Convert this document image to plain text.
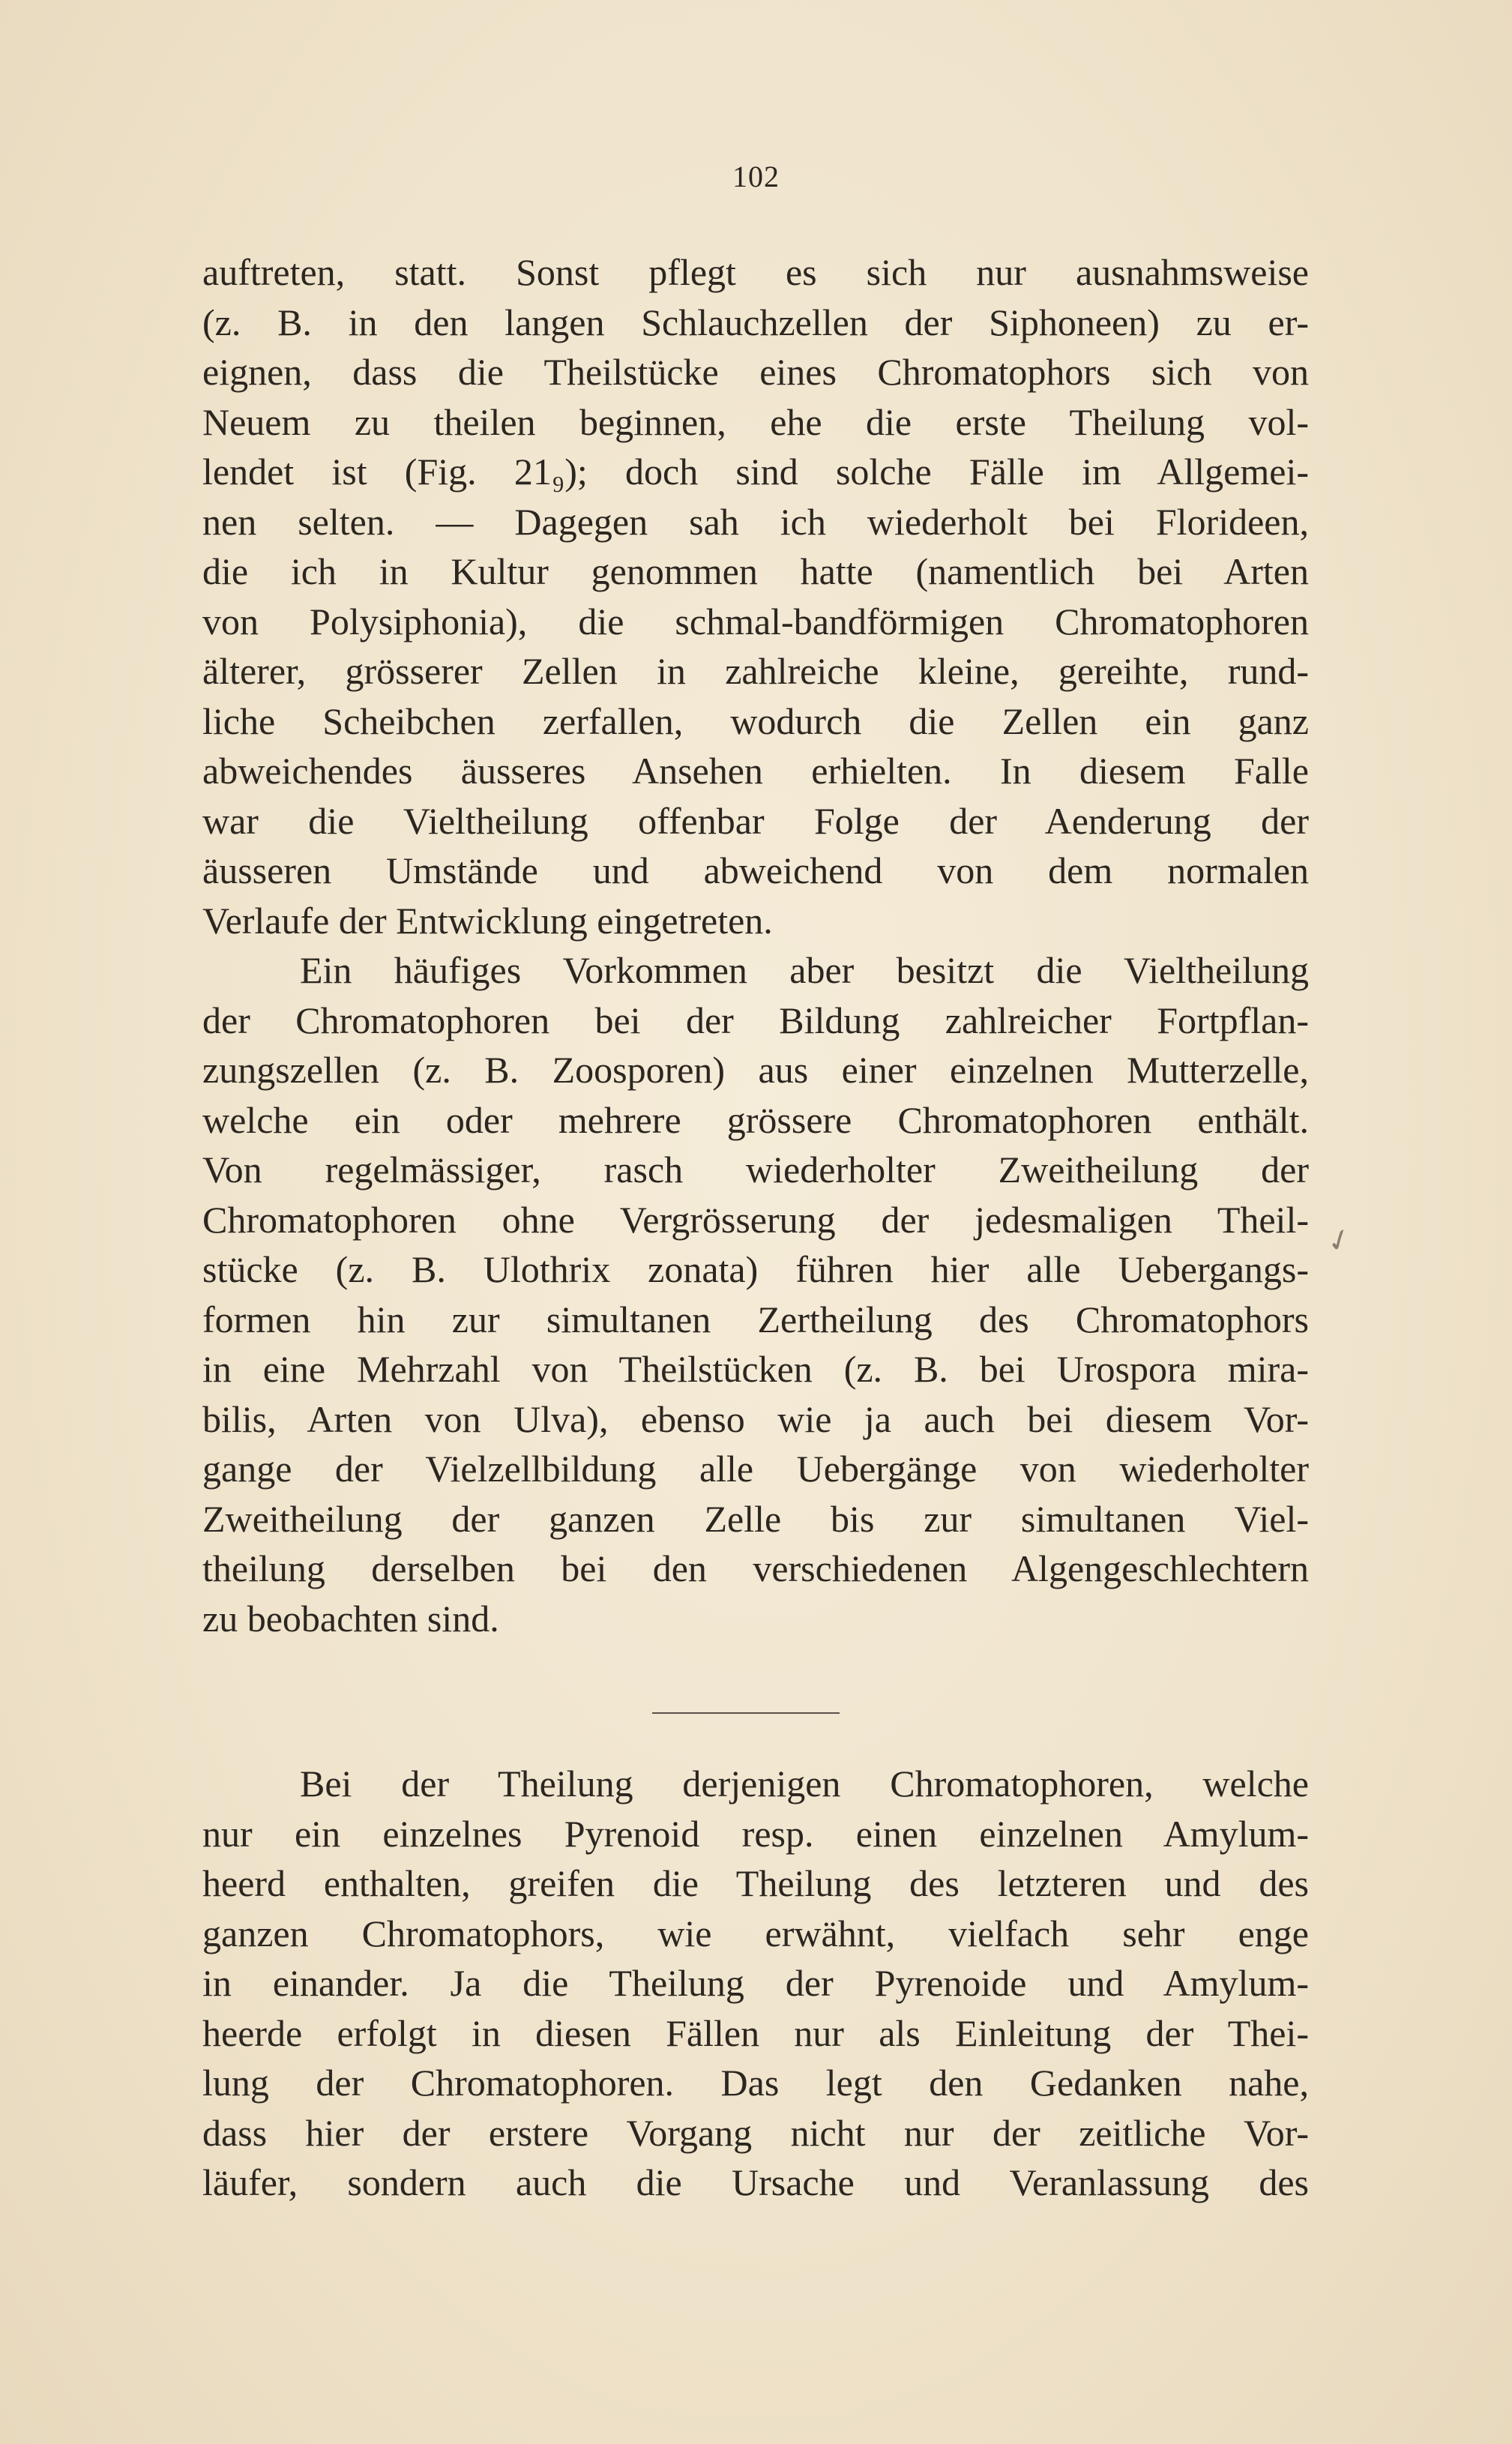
102
auftreten, statt. Sonst pflegt es sich nur ausnahmsweise
(z. B. in den langen Schlauchzellen der Siphoneen) zu er-
eignen, dass die Theilstücke eines Chromatophors sich von
Neuem zu theilen beginnen, ehe die erste Theilung vol-
lendet ist (Fig. 21₉); doch sind solche Fälle im Allgemei-
nen selten. — Dagegen sah ich wiederholt bei Florideen,
die ich in Kultur genommen hatte (namentlich bei Arten
von Polysiphonia), die schmal-bandförmigen Chromatophoren
älterer, grösserer Zellen in zahlreiche kleine, gereihte, rund-
liche Scheibchen zerfallen, wodurch die Zellen ein ganz
abweichendes äusseres Ansehen erhielten. In diesem Falle
war die Vieltheilung offenbar Folge der Aenderung der
äusseren Umstände und abweichend von dem normalen
Verlaufe der Entwicklung eingetreten.
Ein häufiges Vorkommen aber besitzt die Vieltheilung
der Chromatophoren bei der Bildung zahlreicher Fortpflan-
zungszellen (z. B. Zoosporen) aus einer einzelnen Mutterzelle,
welche ein oder mehrere grössere Chromatophoren enthält.
Von regelmässiger, rasch wiederholter Zweitheilung der
Chromatophoren ohne Vergrösserung der jedesmaligen Theil-
stücke (z. B. Ulothrix zonata) führen hier alle Uebergangs-
formen hin zur simultanen Zertheilung des Chromatophors
in eine Mehrzahl von Theilstücken (z. B. bei Urospora mira-
bilis, Arten von Ulva), ebenso wie ja auch bei diesem Vor-
gange der Vielzellbildung alle Uebergänge von wiederholter
Zweitheilung der ganzen Zelle bis zur simultanen Viel-
theilung derselben bei den verschiedenen Algengeschlechtern
zu beobachten sind.
Bei der Theilung derjenigen Chromatophoren, welche
nur ein einzelnes Pyrenoid resp. einen einzelnen Amylum-
heerd enthalten, greifen die Theilung des letzteren und des
ganzen Chromatophors, wie erwähnt, vielfach sehr enge
in einander. Ja die Theilung der Pyrenoide und Amylum-
heerde erfolgt in diesen Fällen nur als Einleitung der Thei-
lung der Chromatophoren. Das legt den Gedanken nahe,
dass hier der erstere Vorgang nicht nur der zeitliche Vor-
läufer, sondern auch die Ursache und Veranlassung des
✓
